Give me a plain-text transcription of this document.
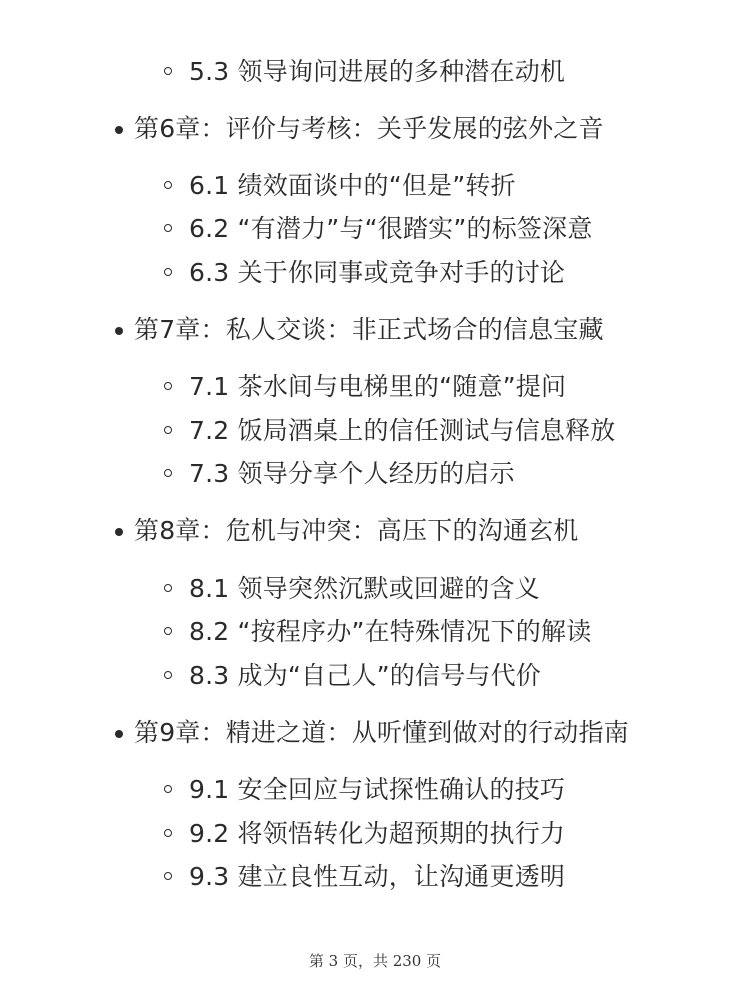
5.3 领导询问进展的多种潜在动机
第6章：评价与考核：关乎发展的弦外之音
6.1 绩效面谈中的“但是”转折
6.2 “有潜力”与“很踏实”的标签深意
6.3 关于你同事或竞争对手的讨论
第7章：私人交谈：非正式场合的信息宝藏
7.1 茶水间与电梯里的“随意”提问
7.2 饭局酒桌上的信任测试与信息释放
7.3 领导分享个人经历的启示
第8章：危机与冲突：高压下的沟通玄机
8.1 领导突然沉默或回避的含义
8.2 “按程序办”在特殊情况下的解读
8.3 成为“自己人”的信号与代价
第9章：精进之道：从听懂到做对的行动指南
9.1 安全回应与试探性确认的技巧
9.2 将领悟转化为超预期的执行力
9.3 建立良性互动，让沟通更透明
第 3 页，共 230 页
